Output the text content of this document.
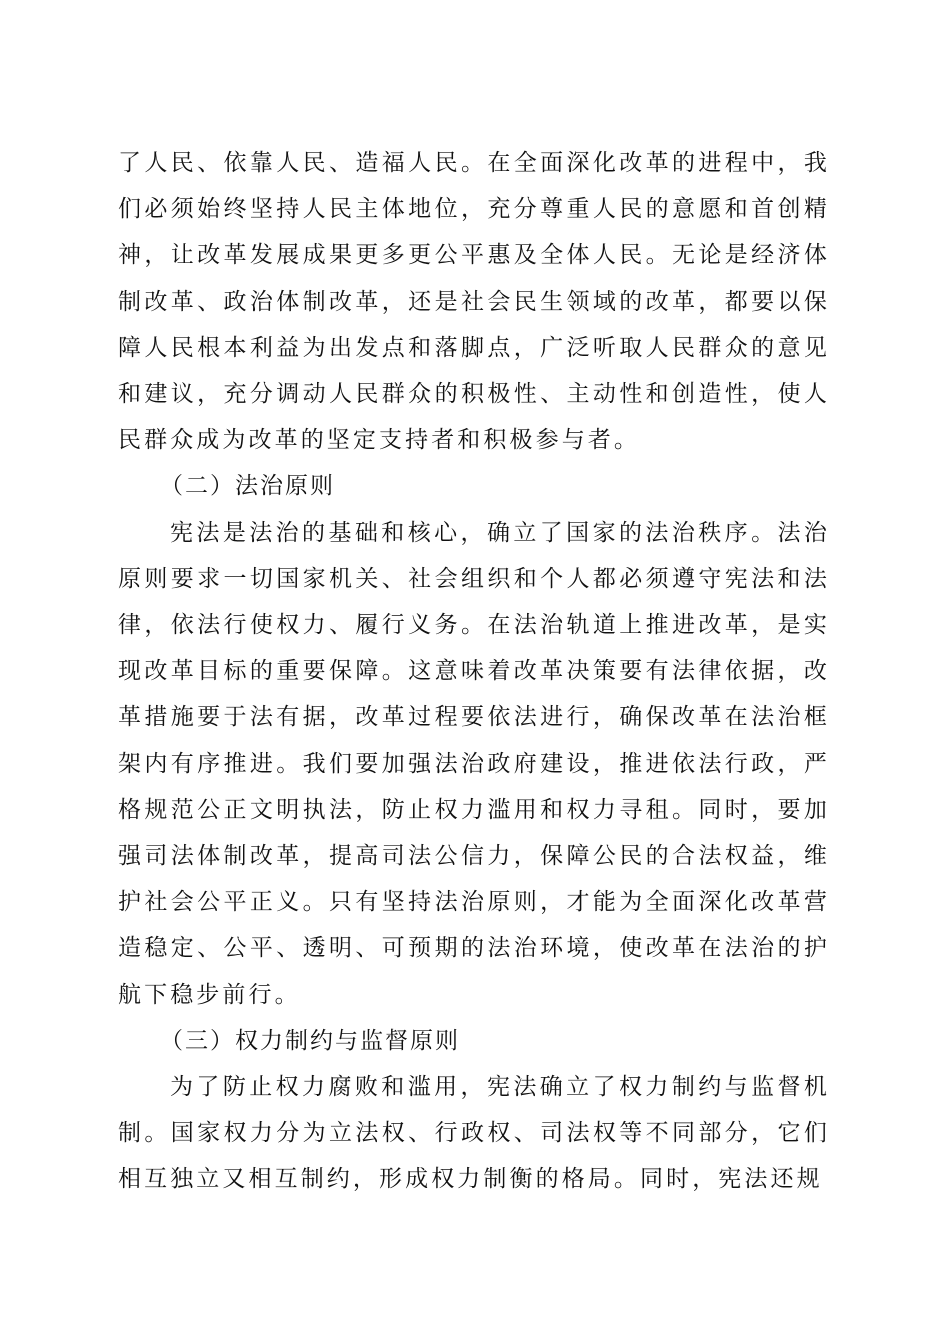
了人民、依靠人民、造福人民。在全面深化改革的进程中，我们必须始终坚持人民主体地位，充分尊重人民的意愿和首创精神，让改革发展成果更多更公平惠及全体人民。无论是经济体制改革、政治体制改革，还是社会民生领域的改革，都要以保障人民根本利益为出发点和落脚点，广泛听取人民群众的意见和建议，充分调动人民群众的积极性、主动性和创造性，使人民群众成为改革的坚定支持者和积极参与者。

（二）法治原则

宪法是法治的基础和核心，确立了国家的法治秩序。法治原则要求一切国家机关、社会组织和个人都必须遵守宪法和法律，依法行使权力、履行义务。在法治轨道上推进改革，是实现改革目标的重要保障。这意味着改革决策要有法律依据，改革措施要于法有据，改革过程要依法进行，确保改革在法治框架内有序推进。我们要加强法治政府建设，推进依法行政，严格规范公正文明执法，防止权力滥用和权力寻租。同时，要加强司法体制改革，提高司法公信力，保障公民的合法权益，维护社会公平正义。只有坚持法治原则，才能为全面深化改革营造稳定、公平、透明、可预期的法治环境，使改革在法治的护航下稳步前行。

（三）权力制约与监督原则

为了防止权力腐败和滥用，宪法确立了权力制约与监督机制。国家权力分为立法权、行政权、司法权等不同部分，它们相互独立又相互制约，形成权力制衡的格局。同时，宪法还规
